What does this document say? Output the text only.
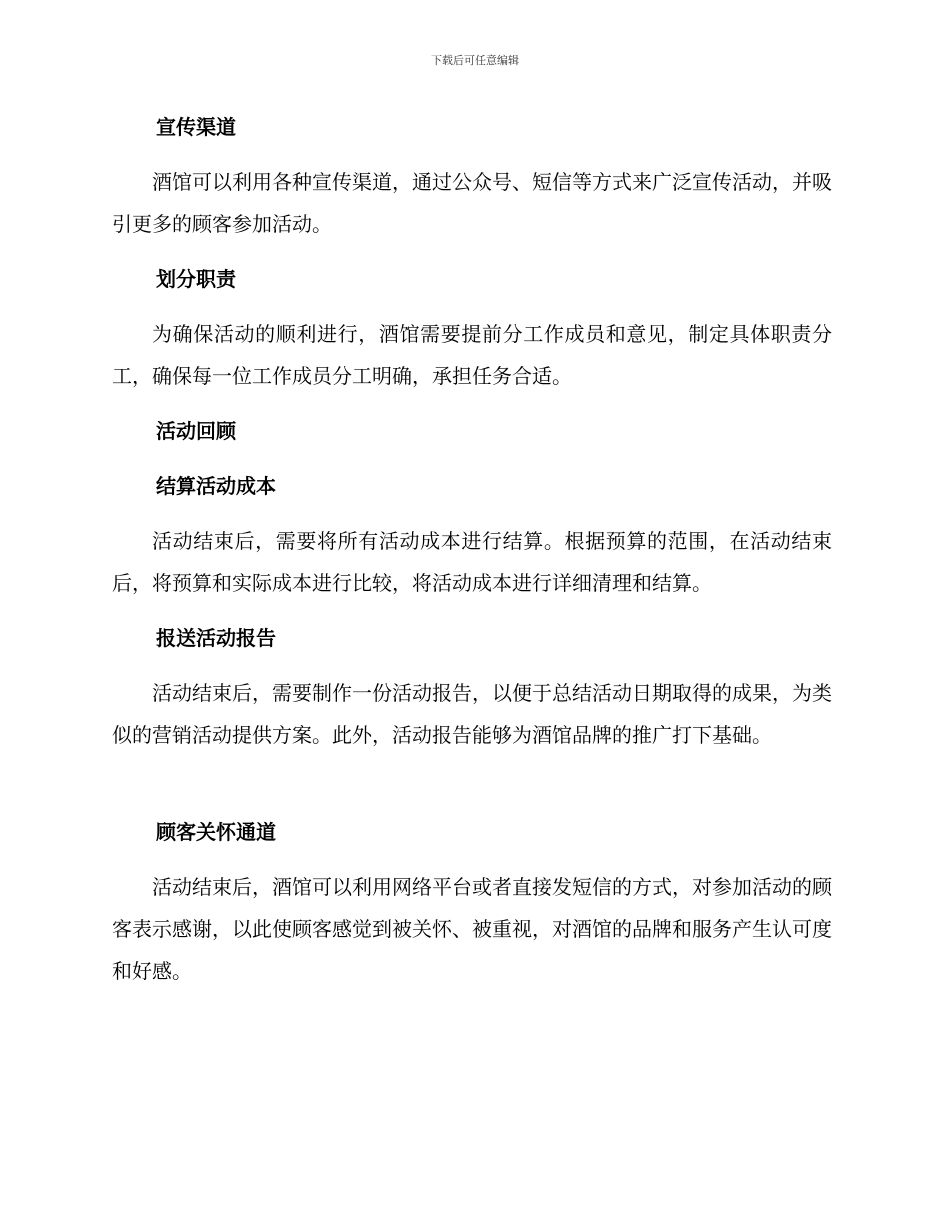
下载后可任意编辑
宣传渠道
酒馆可以利用各种宣传渠道，通过公众号、短信等方式来广泛宣传活动，并吸引更多的顾客参加活动。
划分职责
为确保活动的顺利进行，酒馆需要提前分工作成员和意见，制定具体职责分工，确保每一位工作成员分工明确，承担任务合适。
活动回顾
结算活动成本
活动结束后，需要将所有活动成本进行结算。根据预算的范围，在活动结束后，将预算和实际成本进行比较，将活动成本进行详细清理和结算。
报送活动报告
活动结束后，需要制作一份活动报告，以便于总结活动日期取得的成果，为类似的营销活动提供方案。此外，活动报告能够为酒馆品牌的推广打下基础。
顾客关怀通道
活动结束后，酒馆可以利用网络平台或者直接发短信的方式，对参加活动的顾客表示感谢，以此使顾客感觉到被关怀、被重视，对酒馆的品牌和服务产生认可度和好感。
